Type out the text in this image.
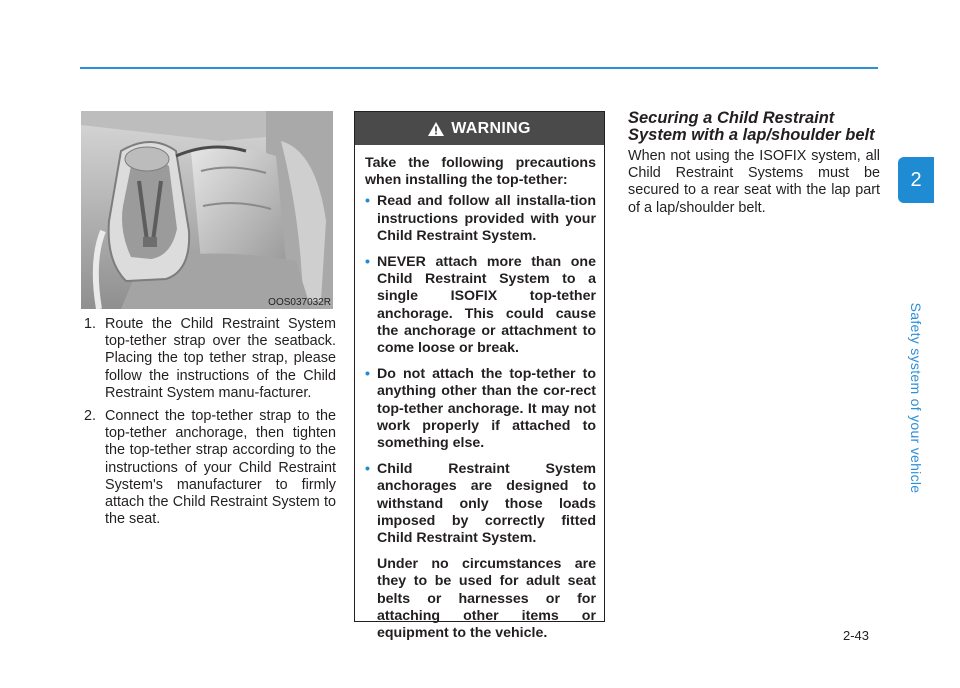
OOS037032R
1. Route the Child Restraint System top-tether strap over the seatback. Placing the top tether strap, please follow the instructions of the Child Restraint System manu-facturer.
2. Connect the top-tether strap to the top-tether anchorage, then tighten the top-tether strap according to the instructions of your Child Restraint System's manufacturer to firmly attach the Child Restraint System to the seat.
WARNING

Take the following precautions when installing the top-tether:

• Read and follow all installa-tion instructions provided with your Child Restraint System.

• NEVER attach more than one Child Restraint System to a single ISOFIX top-tether anchorage. This could cause the anchorage or attachment to come loose or break.

• Do not attach the top-tether to anything other than the cor-rect top-tether anchorage. It may not work properly if attached to something else.

• Child Restraint System anchorages are designed to withstand only those loads imposed by correctly fitted Child Restraint System.

Under no circumstances are they to be used for adult seat belts or harnesses or for attaching other items or equipment to the vehicle.

Securing a Child Restraint System with a lap/shoulder belt

When not using the ISOFIX system, all Child Restraint Systems must be secured to a rear seat with the lap part of a lap/shoulder belt.

2
Safety system of your vehicle
2-43
